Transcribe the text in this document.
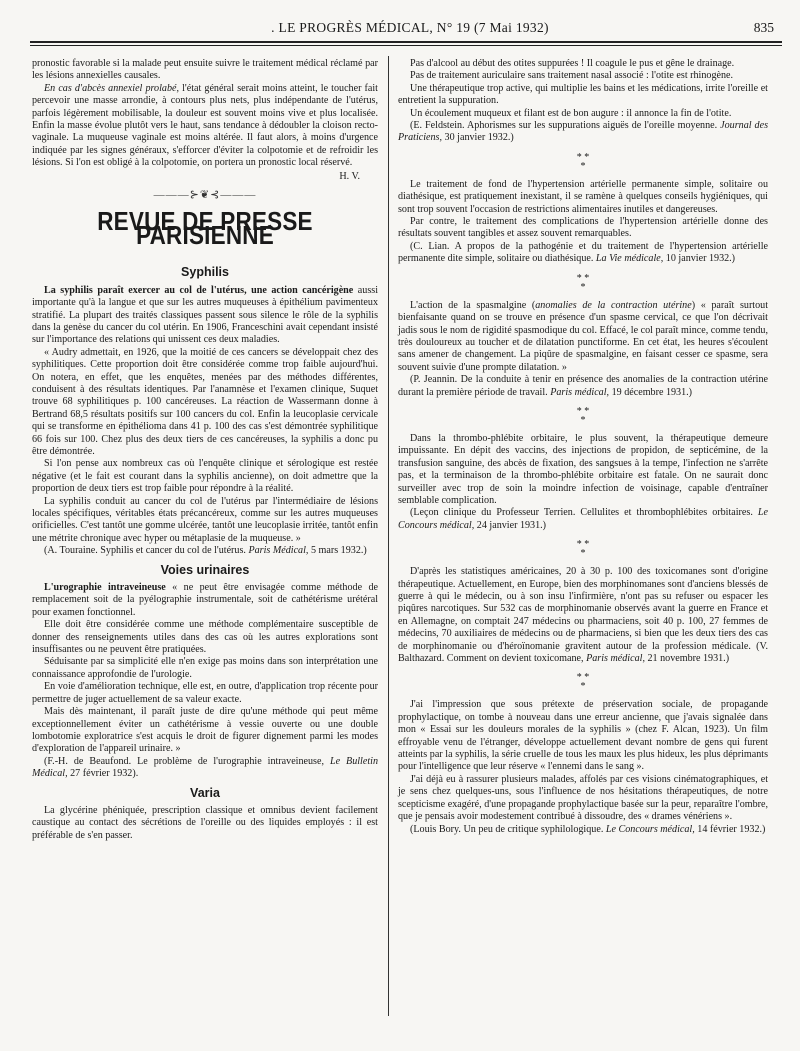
. LE PROGRÈS MÉDICAL, N° 19 (7 Mai 1932)	835

pronostic favorable si la malade peut ensuite suivre le traitement médical réclamé par les lésions annexielles causales.

En cas d'abcès annexiel prolabé, l'état général serait moins atteint, le toucher fait percevoir une masse arrondie, à contours plus nets, plus indépendante de l'utérus, parfois légèrement mobilisable, la douleur est souvent moins vive et plus localisée. Enfin la masse évolue plutôt vers le haut, sans tendance à dédoubler la cloison recto-vaginale. La muqueuse vaginale est moins altérée. Il faut alors, à moins d'urgence indiquée par les signes généraux, s'efforcer d'éviter la colpotomie et de refroidir les lésions. Si l'on est obligé à la colpotomie, on portera un pronostic local réservé.

H. V.
———⊱❦⊰———
REVUE DE PRESSE PARISIENNE
Syphilis

La syphilis paraît exercer au col de l'utérus, une action cancérigène aussi importante qu'à la langue et que sur les autres muqueuses à épithélium pavimenteux stratifié. La plupart des traités classiques passent sous silence le rôle de la syphilis dans la genèse du cancer du col utérin. En 1906, Franceschini avait cependant insisté sur l'importance des relations qui unissent ces deux maladies.

« Audry admettait, en 1926, que la moitié de ces cancers se développait chez des syphilitiques. Cette proportion doit être considérée comme trop faible aujourd'hui. On notera, en effet, que les enquêtes, menées par des méthodes différentes, conduisent à des résultats identiques. Par l'anamnèse et l'examen clinique, Suquet trouve 68 syphilitiques p. 100 cancéreuses. La réaction de Wassermann donne à Bertrand 68,5 résultats positifs sur 100 cancers du col. Enfin la leucoplasie cervicale qui se transforme en épithélioma dans 41 p. 100 des cas s'est démontrée syphilitique 66 fois sur 100. Chez plus des deux tiers de ces cancéreuses, la syphilis a donc pu être démontrée.

Si l'on pense aux nombreux cas où l'enquête clinique et sérologique est restée négative (et le fait est courant dans la syphilis ancienne), on doit admettre que la proportion de deux tiers est trop faible pour répondre à la réalité.

La syphilis conduit au cancer du col de l'utérus par l'intermédiaire de lésions locales spécifiques, véritables états précancéreux, comme sur les autres muqueuses orificielles. C'est tantôt une gomme ulcérée, tantôt une leucoplasie irritée, tantôt enfin une métrite chronique avec hyper ou métaplasie de la muqueuse. »

(A. Touraine. Syphilis et cancer du col de l'utérus. Paris Médical, 5 mars 1932.)

Voies urinaires

L'urographie intraveineuse « ne peut être envisagée comme méthode de remplacement soit de la pyélographie instrumentale, soit de cathétérisme urétéral pour examen fonctionnel.

Elle doit être considérée comme une méthode complémentaire susceptible de donner des renseignements utiles dans des cas où les autres explorations sont insuffisantes ou ne peuvent être pratiquées.

Séduisante par sa simplicité elle n'en exige pas moins dans son interprétation une connaissance approfondie de l'urologie.

En voie d'amélioration technique, elle est, en outre, d'application trop récente pour permettre de juger actuellement de sa valeur exacte.

Mais dès maintenant, il paraît juste de dire qu'une méthode qui peut même exceptionnellement éviter un cathétérisme à vessie ouverte ou une double lombotomie exploratrice s'est acquis le droit de figurer dignement parmi les modes d'exploration de l'appareil urinaire. »

(F.-H. de Beaufond. Le problème de l'urographie intraveineuse, Le Bulletin Médical, 27 février 1932).

Varia

La glycérine phéniquée, prescription classique et omnibus devient facilement caustique au contact des sécrétions de l'oreille ou des liquides employés : il est préférable de s'en passer.

Pas d'alcool au début des otites suppurées ! Il coagule le pus et gêne le drainage.

Pas de traitement auriculaire sans traitement nasal associé : l'otite est rhinogène.

Une thérapeutique trop active, qui multiplie les bains et les médications, irrite l'oreille et entretient la suppuration.

Un écoulement muqueux et filant est de bon augure : il annonce la fin de l'otite.

(E. Feldstein. Aphorismes sur les suppurations aiguës de l'oreille moyenne. Journal des Praticiens, 30 janvier 1932.)

* *
*

Le traitement de fond de l'hypertension artérielle permanente simple, solitaire ou diathésique, est pratiquement inexistant, il se ramène à quelques conseils hygiéniques, qui sont trop souvent l'occasion de restrictions alimentaires inutiles et dangereuses.

Par contre, le traitement des complications de l'hypertension artérielle donne des résultats souvent tangibles et assez souvent remarquables.

(C. Lian. A propos de la pathogénie et du traitement de l'hypertension artérielle permanente dite simple, solitaire ou diathésique. La Vie médicale, 10 janvier 1932.)

* *
*

L'action de la spasmalgine (anomalies de la contraction utérine) « paraît surtout bienfaisante quand on se trouve en présence d'un spasme cervical, ce que l'on décrivait jadis sous le nom de rigidité spasmodique du col. Effacé, le col paraît mince, comme tendu, très douloureux au toucher et de dilatation punctiforme. En cet état, les heures s'écoulent sans amener de changement. La piqûre de spasmalgine, en faisant cesser ce spasme, sera souvent suivie d'une prompte dilatation. »

(P. Jeannin. De la conduite à tenir en présence des anomalies de la contraction utérine durant la première période de travail. Paris médical, 19 décembre 1931.)

* *
*

Dans la thrombo-phlébite orbitaire, le plus souvent, la thérapeutique demeure impuissante. En dépit des vaccins, des injections de propidon, de septicémine, de la transfusion sanguine, des abcès de fixation, des sangsues à la tempe, l'infection ne s'arrête pas, et la terminaison de la thrombo-phlébite orbitaire est fatale. On ne saurait donc surveiller avec trop de soin la moindre infection de voisinage, capable d'entraîner semblable complication.

(Leçon clinique du Professeur Terrien. Cellulites et thrombophlébites orbitaires. Le Concours médical, 24 janvier 1931.)

* *
*

D'après les statistiques américaines, 20 à 30 p. 100 des toxicomanes sont d'origine thérapeutique. Actuellement, en Europe, bien des morphinomanes sont d'anciens blessés de guerre à qui le médecin, ou à son insu l'infirmière, n'ont pas su refuser ou espacer les piqûres narcotiques. Sur 532 cas de morphinomanie observés avant la guerre en France et en Allemagne, on comptait 247 médecins ou pharmaciens, soit 40 p. 100, 27 femmes de médecins, 70 auxiliaires de médecins ou de pharmaciens, si bien que les deux tiers des cas de morphinomanie ou d'héroïnomanie gravitent autour de la profession médicale. (V. Balthazard. Comment on devient toxicomane, Paris médical, 21 novembre 1931.)

* *
*

J'ai l'impression que sous prétexte de préservation sociale, de propagande prophylactique, on tombe à nouveau dans une erreur ancienne, que j'avais signalée dans mon « Essai sur les douleurs morales de la syphilis » (chez F. Alcan, 1923). Un film effroyable venu de l'étranger, développe actuellement devant nombre de gens qui furent atteints par la syphilis, la série cruelle de tous les maux les plus hideux, les plus déprimants pour l'intelligence que leur réserve « l'ennemi dans le sang ».

J'ai déjà eu à rassurer plusieurs malades, affolés par ces visions cinématographiques, et je sens chez quelques-uns, sous l'influence de nos hésitations thérapeutiques, de notre scepticisme exagéré, d'une propagande prophylactique basée sur la peur, reparaître l'ombre, que je pensais avoir modestement contribué à dissoudre, des « drames vénériens ».

(Louis Bory. Un peu de critique syphilologique. Le Concours médical, 14 février 1932.)
